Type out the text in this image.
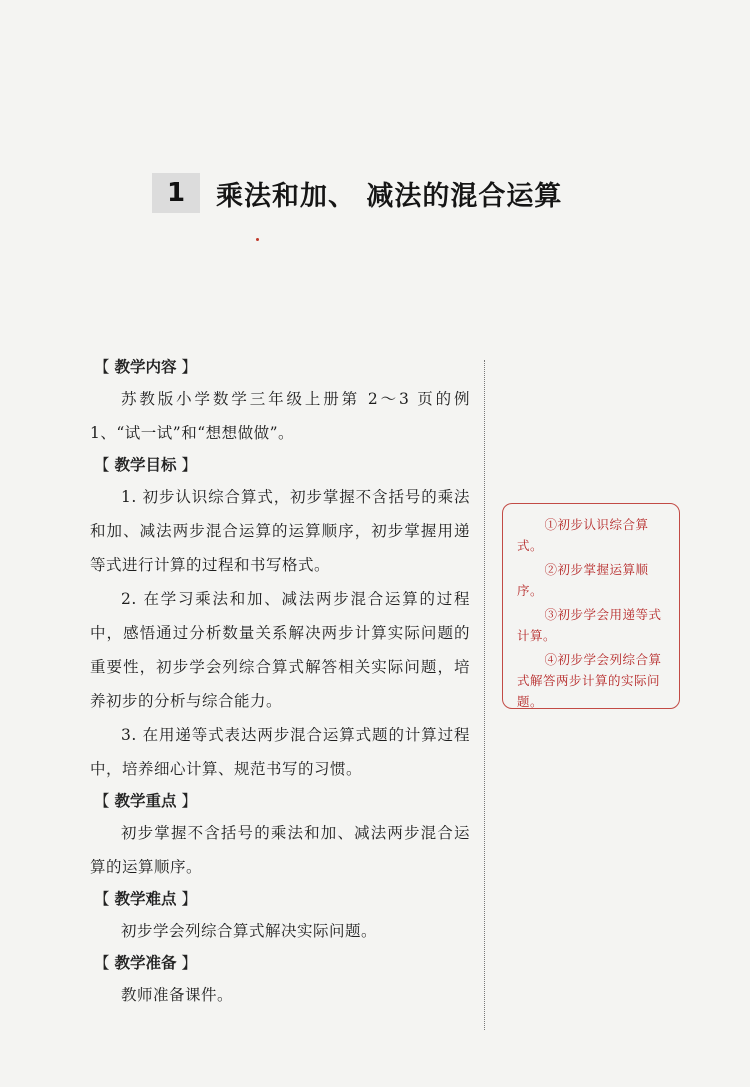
1	乘法和加、 减法的混合运算
【 教学内容 】
苏教版小学数学三年级上册第 2～3 页的例 1、“试一试”和“想想做做”。
【 教学目标 】
1. 初步认识综合算式，初步掌握不含括号的乘法和加、减法两步混合运算的运算顺序，初步掌握用递等式进行计算的过程和书写格式。
2. 在学习乘法和加、减法两步混合运算的过程中，感悟通过分析数量关系解决两步计算实际问题的重要性，初步学会列综合算式解答相关实际问题，培养初步的分析与综合能力。
3. 在用递等式表达两步混合运算式题的计算过程中，培养细心计算、规范书写的习惯。
【 教学重点 】
初步掌握不含括号的乘法和加、减法两步混合运算的运算顺序。
【 教学难点 】
初步学会列综合算式解决实际问题。
【 教学准备 】
教师准备课件。
①初步认识综合算式。
②初步掌握运算顺序。
③初步学会用递等式计算。
④初步学会列综合算式解答两步计算的实际问题。
